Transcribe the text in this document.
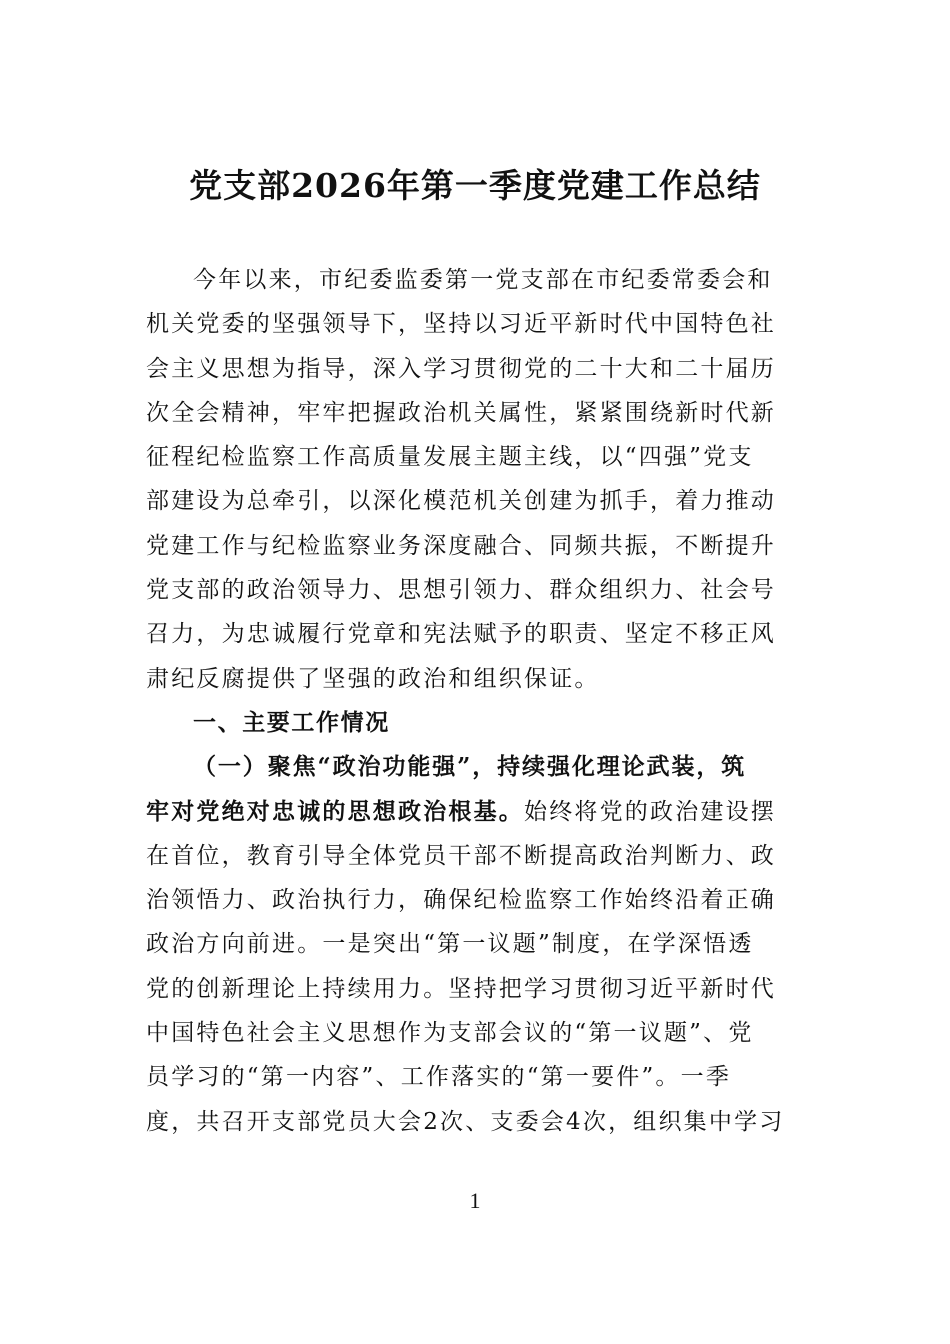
党支部2026年第一季度党建工作总结
今年以来，市纪委监委第一党支部在市纪委常委会和
机关党委的坚强领导下，坚持以习近平新时代中国特色社
会主义思想为指导，深入学习贯彻党的二十大和二十届历
次全会精神，牢牢把握政治机关属性，紧紧围绕新时代新
征程纪检监察工作高质量发展主题主线，以“四强”党支
部建设为总牵引，以深化模范机关创建为抓手，着力推动
党建工作与纪检监察业务深度融合、同频共振，不断提升
党支部的政治领导力、思想引领力、群众组织力、社会号
召力，为忠诚履行党章和宪法赋予的职责、坚定不移正风
肃纪反腐提供了坚强的政治和组织保证。
一、主要工作情况
（一）聚焦“政治功能强”，持续强化理论武装，筑
牢对党绝对忠诚的思想政治根基。始终将党的政治建设摆
在首位，教育引导全体党员干部不断提高政治判断力、政
治领悟力、政治执行力，确保纪检监察工作始终沿着正确
政治方向前进。一是突出“第一议题”制度，在学深悟透
党的创新理论上持续用力。坚持把学习贯彻习近平新时代
中国特色社会主义思想作为支部会议的“第一议题”、党
员学习的“第一内容”、工作落实的“第一要件”。一季
度，共召开支部党员大会2次、支委会4次，组织集中学习
1
